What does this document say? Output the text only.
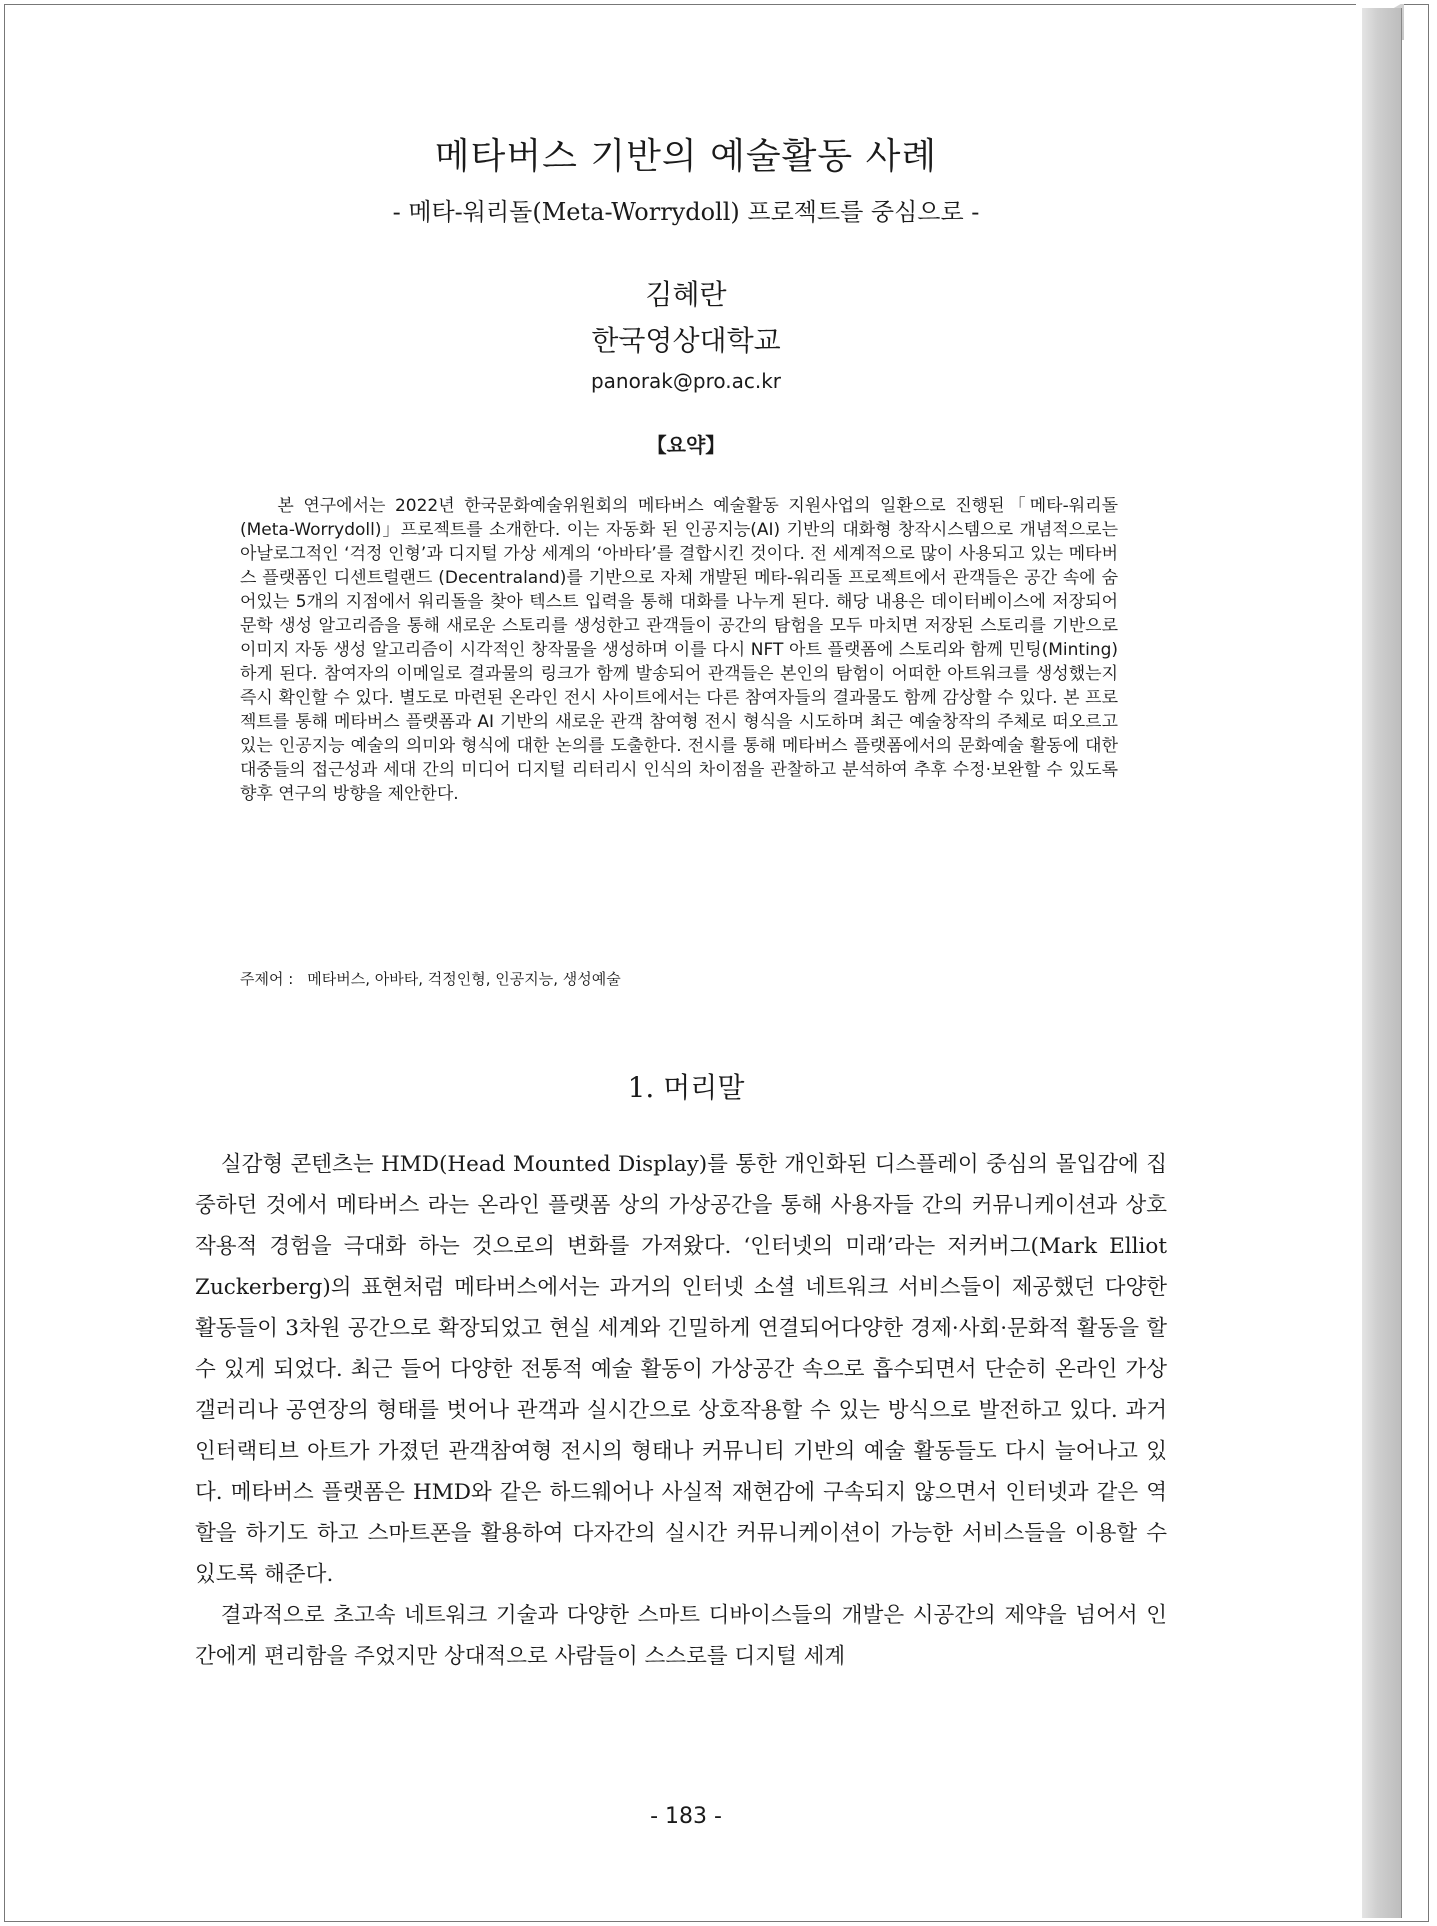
메타버스 기반의 예술활동 사례

- 메타-워리돌(Meta-Worrydoll) 프로젝트를 중심으로 -

김혜란

한국영상대학교

panorak@pro.ac.kr

【요약】

본 연구에서는 2022년 한국문화예술위원회의 메타버스 예술활동 지원사업의 일환으로 진행된「메타-워리돌 (Meta-Worrydoll)」프로젝트를 소개한다. 이는 자동화 된 인공지능(AI) 기반의 대화형 창작시스템으로 개념적으로는 아날로그적인 ‘걱정 인형’과 디지털 가상 세계의 ‘아바타’를 결합시킨 것이다. 전 세계적으로 많이 사용되고 있는 메타버스 플랫폼인 디센트럴랜드 (Decentraland)를 기반으로 자체 개발된 메타-워리돌 프로젝트에서 관객들은 공간 속에 숨어있는 5개의 지점에서 워리돌을 찾아 텍스트 입력을 통해 대화를 나누게 된다. 해당 내용은 데이터베이스에 저장되어 문학 생성 알고리즘을 통해 새로운 스토리를 생성한고 관객들이 공간의 탐험을 모두 마치면 저장된 스토리를 기반으로 이미지 자동 생성 알고리즘이 시각적인 창작물을 생성하며 이를 다시 NFT 아트 플랫폼에 스토리와 함께 민팅(Minting)하게 된다. 참여자의 이메일로 결과물의 링크가 함께 발송되어 관객들은 본인의 탐험이 어떠한 아트워크를 생성했는지 즉시 확인할 수 있다. 별도로 마련된 온라인 전시 사이트에서는 다른 참여자들의 결과물도 함께 감상할 수 있다. 본 프로젝트를 통해 메타버스 플랫폼과 AI 기반의 새로운 관객 참여형 전시 형식을 시도하며 최근 예술창작의 주체로 떠오르고 있는 인공지능 예술의 의미와 형식에 대한 논의를 도출한다. 전시를 통해 메타버스 플랫폼에서의 문화예술 활동에 대한 대중들의 접근성과 세대 간의 미디어 디지털 리터리시 인식의 차이점을 관찰하고 분석하여 추후 수정·보완할 수 있도록 향후 연구의 방향을 제안한다.

주제어 : 메타버스, 아바타, 걱정인형, 인공지능, 생성예술

1. 머리말

실감형 콘텐츠는 HMD(Head Mounted Display)를 통한 개인화된 디스플레이 중심의 몰입감에 집중하던 것에서 메타버스 라는 온라인 플랫폼 상의 가상공간을 통해 사용자들 간의 커뮤니케이션과 상호작용적 경험을 극대화 하는 것으로의 변화를 가져왔다. ‘인터넷의 미래’라는 저커버그(Mark Elliot Zuckerberg)의 표현처럼 메타버스에서는 과거의 인터넷 소셜 네트워크 서비스들이 제공했던 다양한 활동들이 3차원 공간으로 확장되었고 현실 세계와 긴밀하게 연결되어다양한 경제·사회·문화적 활동을 할 수 있게 되었다. 최근 들어 다양한 전통적 예술 활동이 가상공간 속으로 흡수되면서 단순히 온라인 가상 갤러리나 공연장의 형태를 벗어나 관객과 실시간으로 상호작용할 수 있는 방식으로 발전하고 있다. 과거 인터랙티브 아트가 가졌던 관객참여형 전시의 형태나 커뮤니티 기반의 예술 활동들도 다시 늘어나고 있다. 메타버스 플랫폼은 HMD와 같은 하드웨어나 사실적 재현감에 구속되지 않으면서 인터넷과 같은 역할을 하기도 하고 스마트폰을 활용하여 다자간의 실시간 커뮤니케이션이 가능한 서비스들을 이용할 수 있도록 해준다.

결과적으로 초고속 네트워크 기술과 다양한 스마트 디바이스들의 개발은 시공간의 제약을 넘어서 인간에게 편리함을 주었지만 상대적으로 사람들이 스스로를 디지털 세계

- 183 -
